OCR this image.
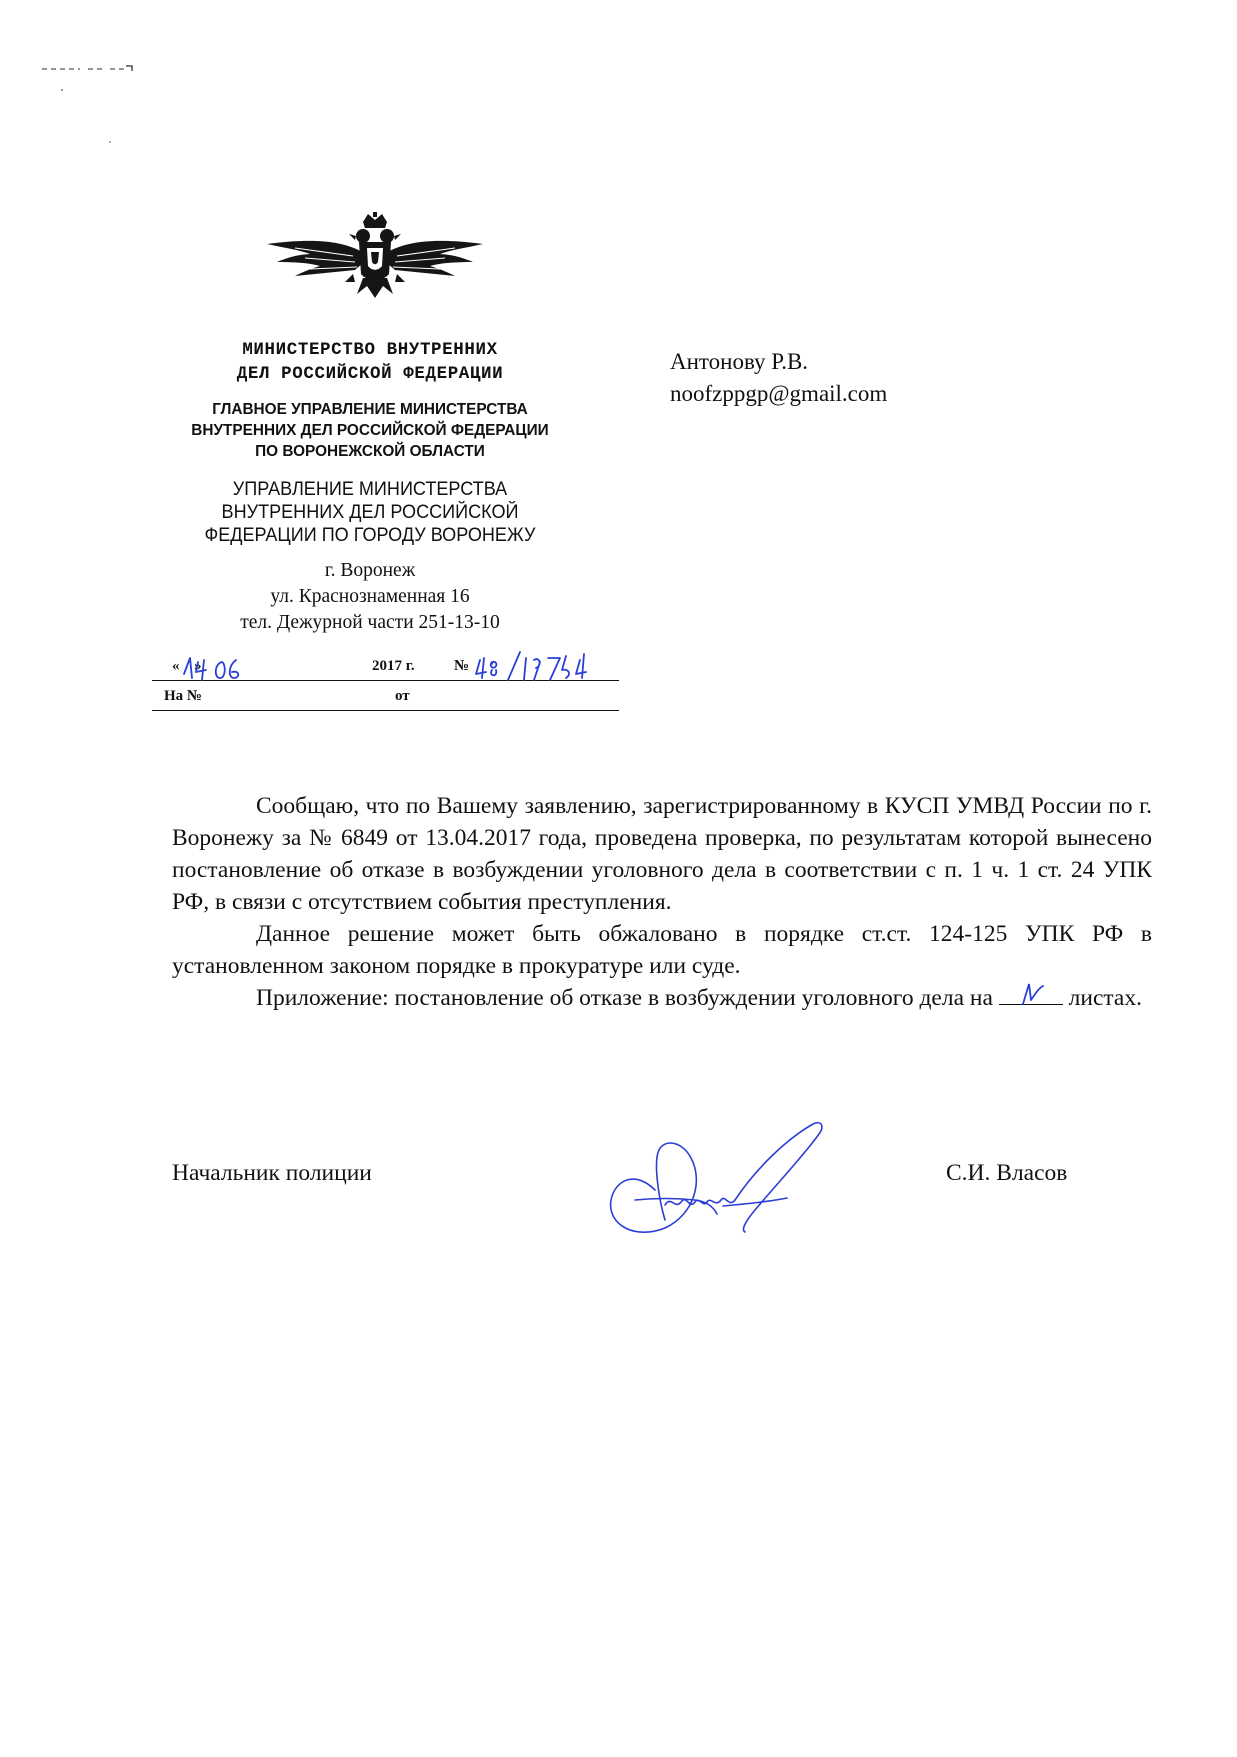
МИНИСТЕРСТВО ВНУТРЕННИХ
ДЕЛ РОССИЙСКОЙ ФЕДЕРАЦИИ
ГЛАВНОЕ УПРАВЛЕНИЕ МИНИСТЕРСТВА
ВНУТРЕННИХ ДЕЛ РОССИЙСКОЙ ФЕДЕРАЦИИ
ПО ВОРОНЕЖСКОЙ ОБЛАСТИ
УПРАВЛЕНИЕ МИНИСТЕРСТВА
ВНУТРЕННИХ ДЕЛ РОССИЙСКОЙ
ФЕДЕРАЦИИ ПО ГОРОДУ ВОРОНЕЖУ
г. Воронеж
ул. Краснознаменная 16
тел. Дежурной части 251-13-10
« »	2017 г.	№
На №	от
Антонову Р.В.
noofzppgp@gmail.com

Сообщаю, что по Вашему заявлению, зарегистрированному в КУСП УМВД России по г. Воронежу за № 6849 от 13.04.2017 года, проведена проверка, по результатам которой вынесено постановление об отказе в возбуждении уголовного дела в соответствии с п. 1 ч. 1 ст. 24 УПК РФ, в связи с отсутствием события преступления.

Данное решение может быть обжаловано в порядке ст.ст. 124-125 УПК РФ в установленном законом порядке в прокуратуре или суде.

Приложение: постановление об отказе в возбуждении уголовного дела на	листах.

Начальник полиции	С.И. Власов
